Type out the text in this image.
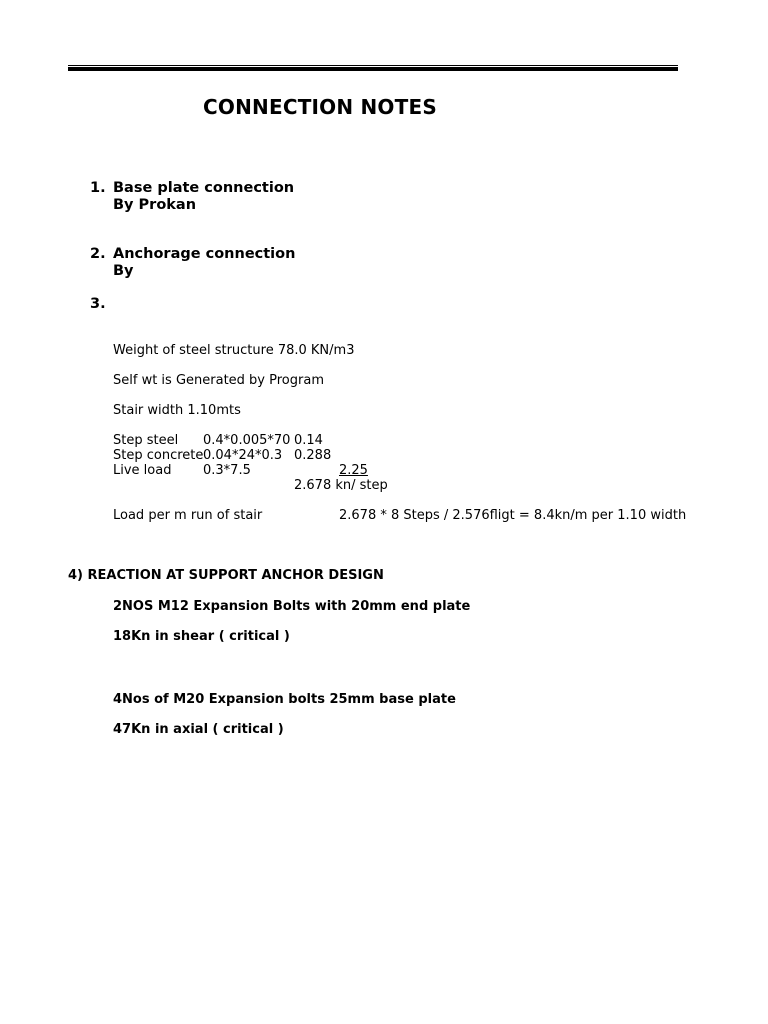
CONNECTION NOTES
1. Base plate connection
By Prokan
2. Anchorage connection
By
3.
Weight of steel structure 78.0 KN/m3
Self wt is Generated by Program
Stair width 1.10mts
Step steel 0.4*0.005*70 0.14
Step concrete 0.04*24*0.3 0.288
Live load 0.3*7.5	2.25
2.678 kn/ step
Load per m run of stair	2.678 * 8 Steps / 2.576fligt = 8.4kn/m per 1.10 width
4) REACTION AT SUPPORT ANCHOR DESIGN
2NOS M12 Expansion Bolts with 20mm end plate
18Kn in shear ( critical )
4Nos of M20 Expansion bolts 25mm base plate
47Kn in axial ( critical )
